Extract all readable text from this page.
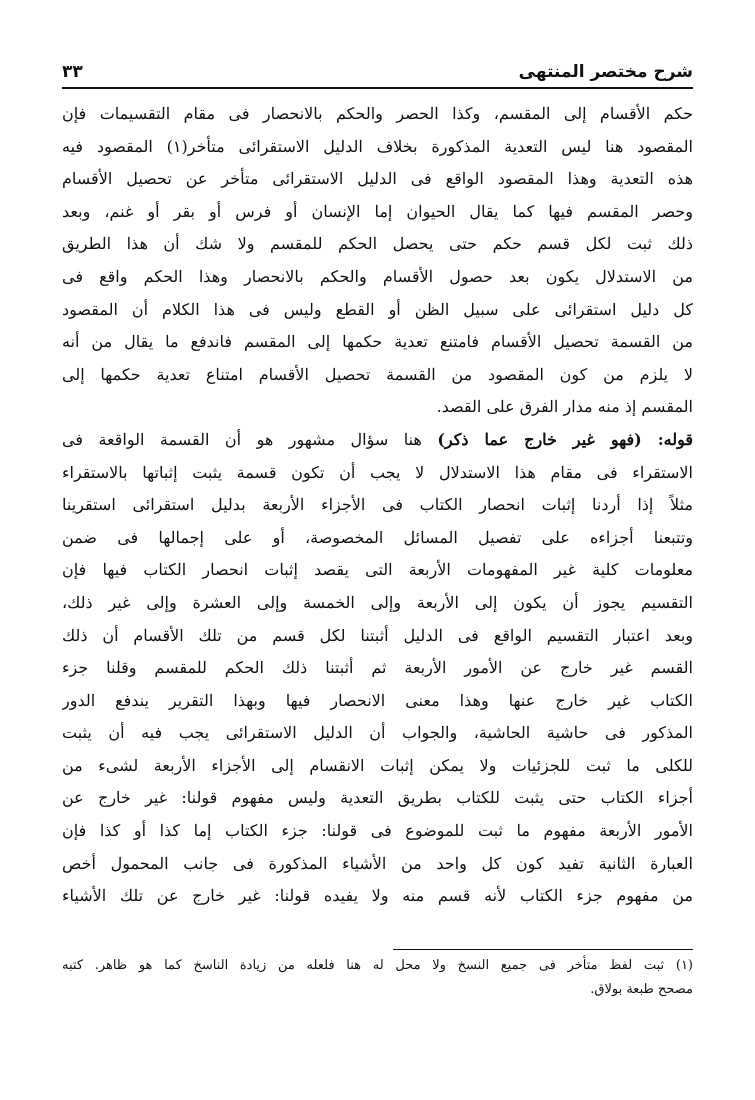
شرح مختصر المنتهى
٣٣
حكم الأقسام إلى المقسم، وكذا الحصر والحكم بالانحصار فى مقام التقسيمات فإن
المقصود هنا ليس التعدية المذكورة بخلاف الدليل الاستقرائى متأخر(١) المقصود فيه
هذه التعدية وهذا المقصود الواقع فى الدليل الاستقرائى متأخر عن تحصيل الأقسام
وحصر المقسم فيها كما يقال الحيوان إما الإنسان أو فرس أو بقر أو غنم، وبعد
ذلك ثبت لكل قسم حكم حتى يحصل الحكم للمقسم ولا شك أن هذا الطريق
من الاستدلال يكون بعد حصول الأقسام والحكم بالانحصار وهذا الحكم واقع فى
كل دليل استقرائى على سبيل الظن أو القطع وليس فى هذا الكلام أن المقصود
من القسمة تحصيل الأقسام فامتنع تعدية حكمها إلى المقسم فاندفع ما يقال من أنه
لا يلزم من كون المقصود من القسمة تحصيل الأقسام امتناع تعدية حكمها إلى
المقسم إذ منه مدار الفرق على القصد.
قوله: (فهو غير خارج عما ذكر) هنا سؤال مشهور هو أن القسمة الواقعة فى
الاستقراء فى مقام هذا الاستدلال لا يجب أن تكون قسمة يثبت إثباتها بالاستقراء
مثلاً إذا أردنا إثبات انحصار الكتاب فى الأجزاء الأربعة بدليل استقرائى استقرينا
وتتبعنا أجزاءه على تفصيل المسائل المخصوصة، أو على إجمالها فى ضمن
معلومات كلية غير المفهومات الأربعة التى يقصد إثبات انحصار الكتاب فيها فإن
التقسيم يجوز أن يكون إلى الأربعة وإلى الخمسة وإلى العشرة وإلى غير ذلك،
وبعد اعتبار التقسيم الواقع فى الدليل أثبتنا لكل قسم من تلك الأقسام أن ذلك
القسم غير خارج عن الأمور الأربعة ثم أثبتنا ذلك الحكم للمقسم وقلنا جزء
الكتاب غير خارج عنها وهذا معنى الانحصار فيها وبهذا التقرير يندفع الدور
المذكور فى حاشية الحاشية، والجواب أن الدليل الاستقرائى يجب فيه أن يثبت
للكلى ما ثبت للجزئيات ولا يمكن إثبات الانقسام إلى الأجزاء الأربعة لشىء من
أجزاء الكتاب حتى يثبت للكتاب بطريق التعدية وليس مفهوم قولنا: غير خارج عن
الأمور الأربعة مفهوم ما ثبت للموضوع فى قولنا: جزء الكتاب إما كذا أو كذا فإن
العبارة الثانية تفيد كون كل واحد من الأشياء المذكورة فى جانب المحمول أخص
من مفهوم جزء الكتاب لأنه قسم منه ولا يفيده قولنا: غير خارج عن تلك الأشياء
(١) ثبت لفظ متأخر فى جميع النسخ ولا محل له هنا فلعله من زيادة الناسخ كما هو ظاهر. كتبه
مصحح طبعة بولاق.
